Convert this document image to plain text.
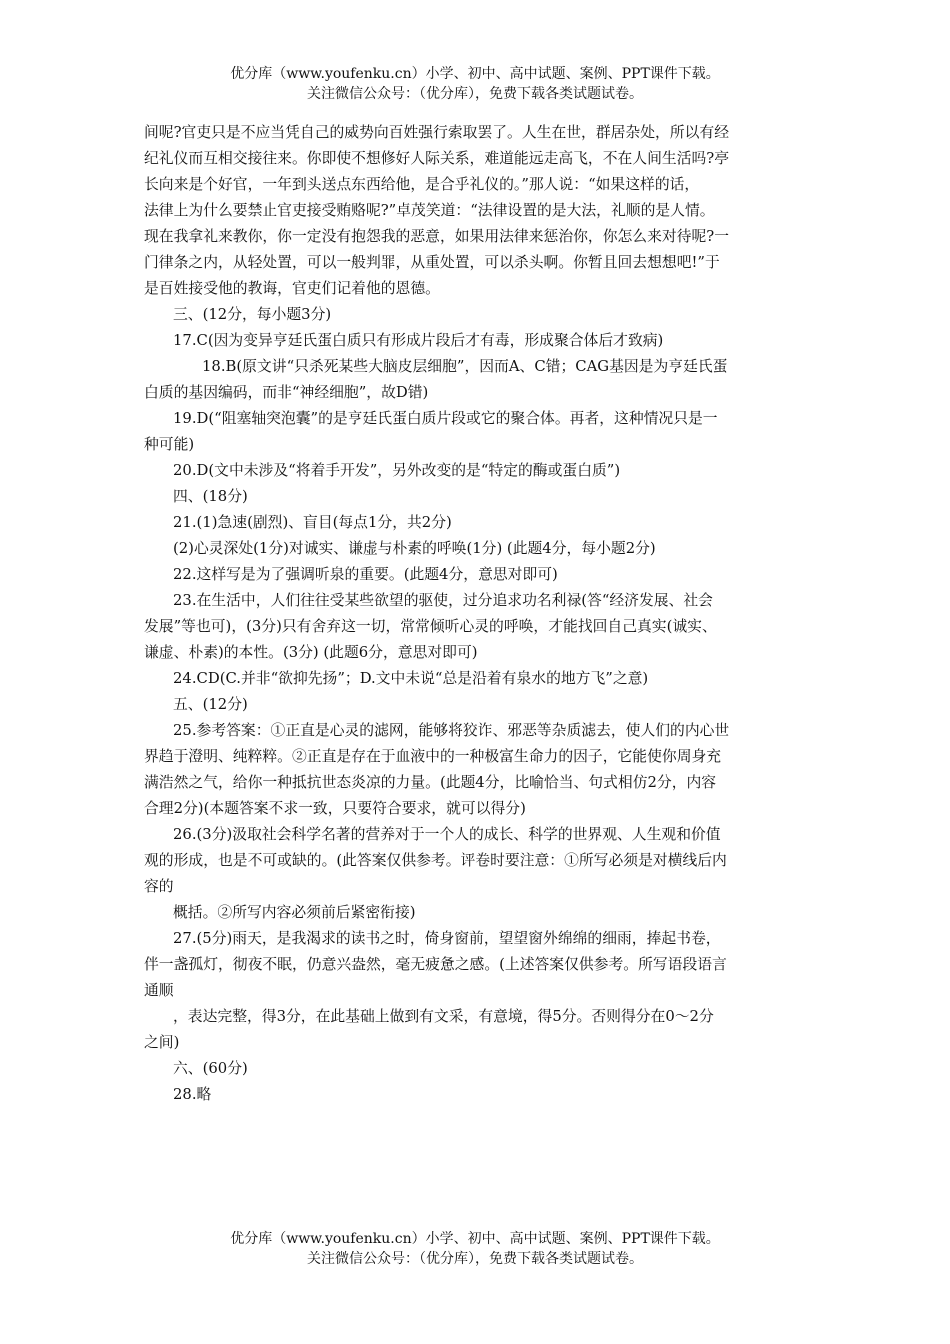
优分库（www.youfenku.cn）小学、初中、高中试题、案例、PPT课件下载。
关注微信公众号：（优分库），免费下载各类试题试卷。
间呢?官吏只是不应当凭自己的威势向百姓强行索取罢了。人生在世，群居杂处，所以有经
纪礼仪而互相交接往来。你即使不想修好人际关系，难道能远走高飞，不在人间生活吗?亭
长向来是个好官，一年到头送点东西给他，是合乎礼仪的。”那人说：“如果这样的话，
法律上为什么要禁止官吏接受贿赂呢?”卓茂笑道：“法律设置的是大法，礼顺的是人情。
现在我拿礼来教你，你一定没有抱怨我的恶意，如果用法律来惩治你，你怎么来对待呢?一
门律条之内，从轻处置，可以一般判罪，从重处置，可以杀头啊。你暂且回去想想吧!”于
是百姓接受他的教诲，官吏们记着他的恩德。
三、(12分，每小题3分)
17.C(因为变异亨廷氏蛋白质只有形成片段后才有毒，形成聚合体后才致病)
18.B(原文讲“只杀死某些大脑皮层细胞”，因而A、C错；CAG基因是为亨廷氏蛋
白质的基因编码，而非“神经细胞”，故D错)
19.D(“阻塞轴突泡囊”的是亨廷氏蛋白质片段或它的聚合体。再者，这种情况只是一
种可能)
20.D(文中未涉及“将着手开发”，另外改变的是“特定的酶或蛋白质”)
四、(18分)
21.(1)急速(剧烈)、盲目(每点1分，共2分)
(2)心灵深处(1分)对诚实、谦虚与朴素的呼唤(1分) (此题4分，每小题2分)
22.这样写是为了强调听泉的重要。(此题4分，意思对即可)
23.在生活中，人们往往受某些欲望的驱使，过分追求功名利禄(答“经济发展、社会
发展”等也可)，(3分)只有舍弃这一切，常常倾听心灵的呼唤，才能找回自己真实(诚实、
谦虚、朴素)的本性。(3分) (此题6分，意思对即可)
24.CD(C.并非“欲抑先扬”；D.文中未说“总是沿着有泉水的地方飞”之意)
五、(12分)
25.参考答案：①正直是心灵的滤网，能够将狡诈、邪恶等杂质滤去，使人们的内心世
界趋于澄明、纯粹粹。②正直是存在于血液中的一种极富生命力的因子，它能使你周身充
满浩然之气，给你一种抵抗世态炎凉的力量。(此题4分，比喻恰当、句式相仿2分，内容
合理2分)(本题答案不求一致，只要符合要求，就可以得分)
26.(3分)汲取社会科学名著的营养对于一个人的成长、科学的世界观、人生观和价值
观的形成，也是不可或缺的。(此答案仅供参考。评卷时要注意：①所写必须是对横线后内
容的
概括。②所写内容必须前后紧密衔接)
27.(5分)雨天，是我渴求的读书之时，倚身窗前，望望窗外绵绵的细雨，捧起书卷，
伴一盏孤灯，彻夜不眠，仍意兴盎然，毫无疲惫之感。(上述答案仅供参考。所写语段语言
通顺
，表达完整，得3分，在此基础上做到有文采，有意境，得5分。否则得分在0～2分
之间)
六、(60分)
28.略
优分库（www.youfenku.cn）小学、初中、高中试题、案例、PPT课件下载。
关注微信公众号：（优分库），免费下载各类试题试卷。
